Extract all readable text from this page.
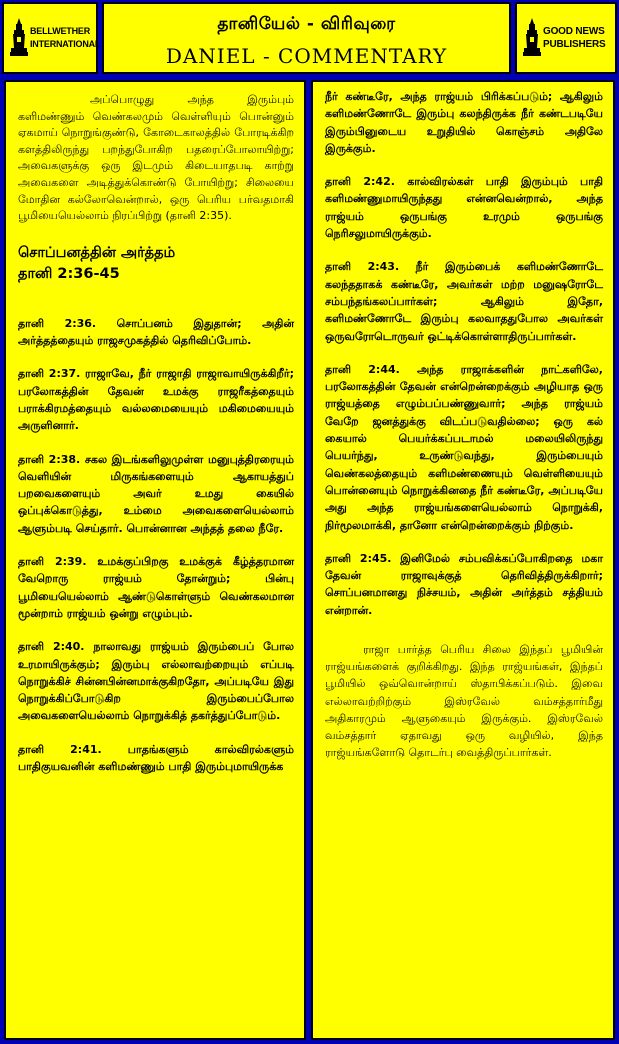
BELLWETHER
INTERNATIONAL
தானியேல் - விரிவுரை
DANIEL - COMMENTARY
GOOD NEWS
PUBLISHERS

அப்பொழுது அந்த இரும்பும் களிமண்ணும் வெண்கலமும் வெள்ளியும் பொன்னும் ஏகமாய் நொறுங்குண்டு, கோடைகாலத்தில் போரடிக்கிற களத்திலிருந்து பறந்துபோகிற பதரைப்போலாயிற்று; அவைகளுக்கு ஒரு இடமும் கிடையாதபடி காற்று அவைகளை அடித்துக்கொண்டு போயிற்று; சிலையை மோதின கல்லோவென்றால், ஒரு பெரிய பர்வதமாகி பூமியையெல்லாம் நிரப்பிற்று (தானி 2:35).

சொப்பனத்தின் அர்த்தம்
தானி 2:36-45

தானி 2:36. சொப்பனம் இதுதான்; அதின் அர்த்தத்தையும் ராஜசமுகத்தில் தெரிவிப்போம்.

தானி 2:37. ராஜாவே, நீர் ராஜாதி ராஜாவாயிருக்கிறீர்; பரலோகத்தின் தேவன் உமக்கு ராஜரீகத்தையும் பராக்கிரமத்தையும் வல்லமையையும் மகிமையையும் அருளினார்.

தானி 2:38. சகல இடங்களிலுமுள்ள மனுபுத்திரரையும் வெளியின் மிருகங்களையும் ஆகாயத்துப் பறவைகளையும் அவர் உமது கையில் ஒப்புக்கொடுத்து, உம்மை அவைகளையெல்லாம் ஆளும்படி செய்தார். பொன்னான அந்தத் தலை நீரே.

தானி 2:39. உமக்குப்பிறகு உமக்குக் கீழ்த்தரமான வேறொரு ராஜ்யம் தோன்றும்; பின்பு பூமியையெல்லாம் ஆண்டுகொள்ளும் வெண்கலமான மூன்றாம் ராஜ்யம் ஒன்று எழும்பும்.

தானி 2:40. நாலாவது ராஜ்யம் இரும்பைப் போல உரமாயிருக்கும்; இரும்பு எல்லாவற்றையும் எப்படி நொறுக்கிச் சின்னபின்னமாக்குகிறதோ, அப்படியே இது நொறுக்கிப்போடுகிற இரும்பைப்போல அவைகளையெல்லாம் நொறுக்கித் தகர்த்துப்போடும்.

தானி 2:41. பாதங்களும் கால்விரல்களும் பாதிகுயவனின் களிமண்ணும் பாதி இரும்புமாயிருக்க

நீர் கண்டீரே, அந்த ராஜ்யம் பிரிக்கப்படும்; ஆகிலும் களிமண்ணோடே இரும்பு கலந்திருக்க நீர் கண்டபடியே இரும்பினுடைய உறுதியில் கொஞ்சம் அதிலே இருக்கும்.

தானி 2:42. கால்விரல்கள் பாதி இரும்பும் பாதி களிமண்ணுமாயிருந்தது என்னவென்றால், அந்த ராஜ்யம் ஒருபங்கு உரமும் ஒருபங்கு நெரிசலுமாயிருக்கும்.

தானி 2:43. நீர் இரும்பைக் களிமண்ணோடே கலந்ததாகக் கண்டீரே, அவர்கள் மற்ற மனுஷரோடே சம்பந்தங்கலப்பார்கள்; ஆகிலும் இதோ, களிமண்ணோடே இரும்பு கலவாததுபோல அவர்கள் ஒருவரோடொருவர் ஒட்டிக்கொள்ளாதிருப்பார்கள்.

தானி 2:44. அந்த ராஜாக்களின் நாட்களிலே, பரலோகத்தின் தேவன் என்றென்றைக்கும் அழியாத ஒரு ராஜ்யத்தை எழும்பப்பண்ணுவார்; அந்த ராஜ்யம் வேறே ஜனத்துக்கு விடப்படுவதில்லை; ஒரு கல் கையால் பெயர்க்கப்படாமல் மலையிலிருந்து பெயர்ந்து, உருண்டுவந்து, இரும்பையும் வெண்கலத்தையும் களிமண்ணையும் வெள்ளியையும் பொன்னையும் நொறுக்கினதை நீர் கண்டீரே, அப்படியே அது அந்த ராஜ்யங்களையெல்லாம் நொறுக்கி, நிர்மூலமாக்கி, தானோ என்றென்றைக்கும் நிற்கும்.

தானி 2:45. இனிமேல் சம்பவிக்கப்போகிறதை மகா தேவன் ராஜாவுக்குத் தெரிவித்திருக்கிறார்; சொப்பனமானது நிச்சயம், அதின் அர்த்தம் சத்தியம் என்றான்.

ராஜா பார்த்த பெரிய சிலை இந்தப் பூமியின் ராஜ்யங்களைக் குறிக்கிறது. இந்த ராஜ்யங்கள், இந்தப் பூமியில் ஒவ்வொன்றாய் ஸ்தாபிக்கப்படும். இவை எல்லாவற்றிற்கும் இஸ்ரவேல் வம்சத்தார்மீது அதிகாரமும் ஆளுகையும் இருக்கும். இஸ்ரவேல் வம்சத்தார் ஏதாவது ஒரு வழியில், இந்த ராஜ்யங்களோடு தொடர்பு வைத்திருப்பார்கள்.
